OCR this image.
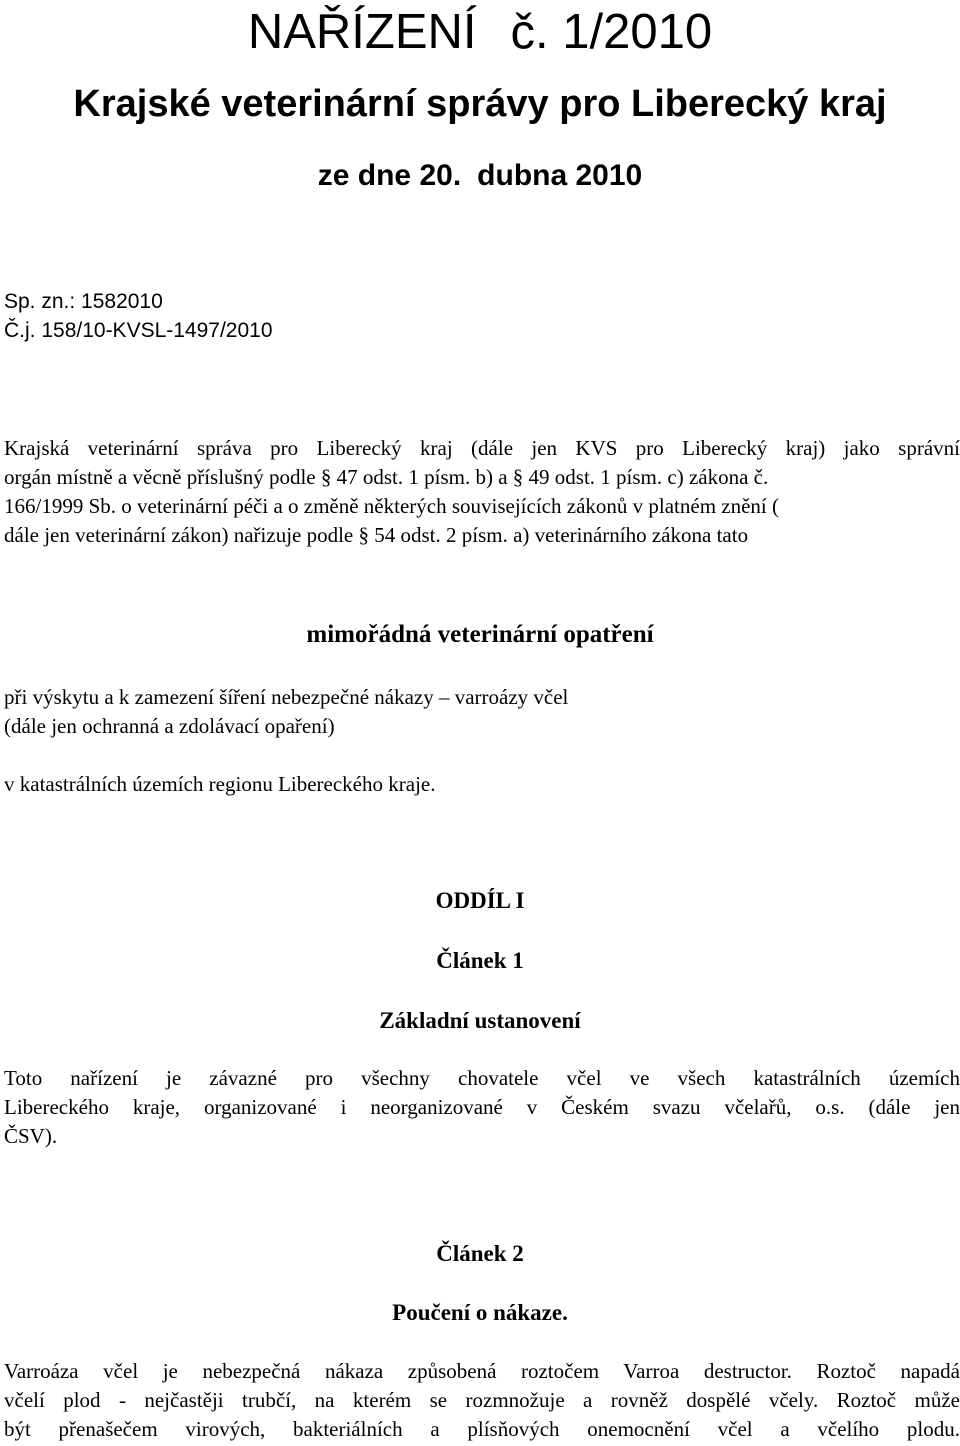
NAŘÍZENÍ č. 1/2010
Krajské veterinární správy pro Liberecký kraj
ze dne 20. dubna 2010
Sp. zn.: 1582010
Č.j. 158/10-KVSL-1497/2010
Krajská veterinární správa pro Liberecký kraj (dále jen KVS pro Liberecký kraj) jako správní
orgán místně a věcně příslušný podle § 47 odst. 1 písm. b) a § 49 odst. 1 písm. c) zákona č.
166/1999 Sb. o veterinární péči a o změně některých souvisejících zákonů v platném znění (
dále jen veterinární zákon) nařizuje podle § 54 odst. 2 písm. a) veterinárního zákona tato
mimořádná veterinární opatření
při výskytu a k zamezení šíření nebezpečné nákazy – varroázy včel
(dále jen ochranná a zdolávací opaření)
v katastrálních územích regionu Libereckého kraje.
ODDÍL I
Článek 1
Základní ustanovení
Toto nařízení je závazné pro všechny chovatele včel ve všech katastrálních územích
Libereckého kraje, organizované i neorganizované v Českém svazu včelařů, o.s. (dále jen
ČSV).
Článek 2
Poučení o nákaze.
Varroáza včel je nebezpečná nákaza způsobená roztočem Varroa destructor. Roztoč napadá
včelí plod - nejčastěji trubčí, na kterém se rozmnožuje a rovněž dospělé včely. Roztoč může
být přenašečem virových, bakteriálních a plísňových onemocnění včel a včelího plodu.
